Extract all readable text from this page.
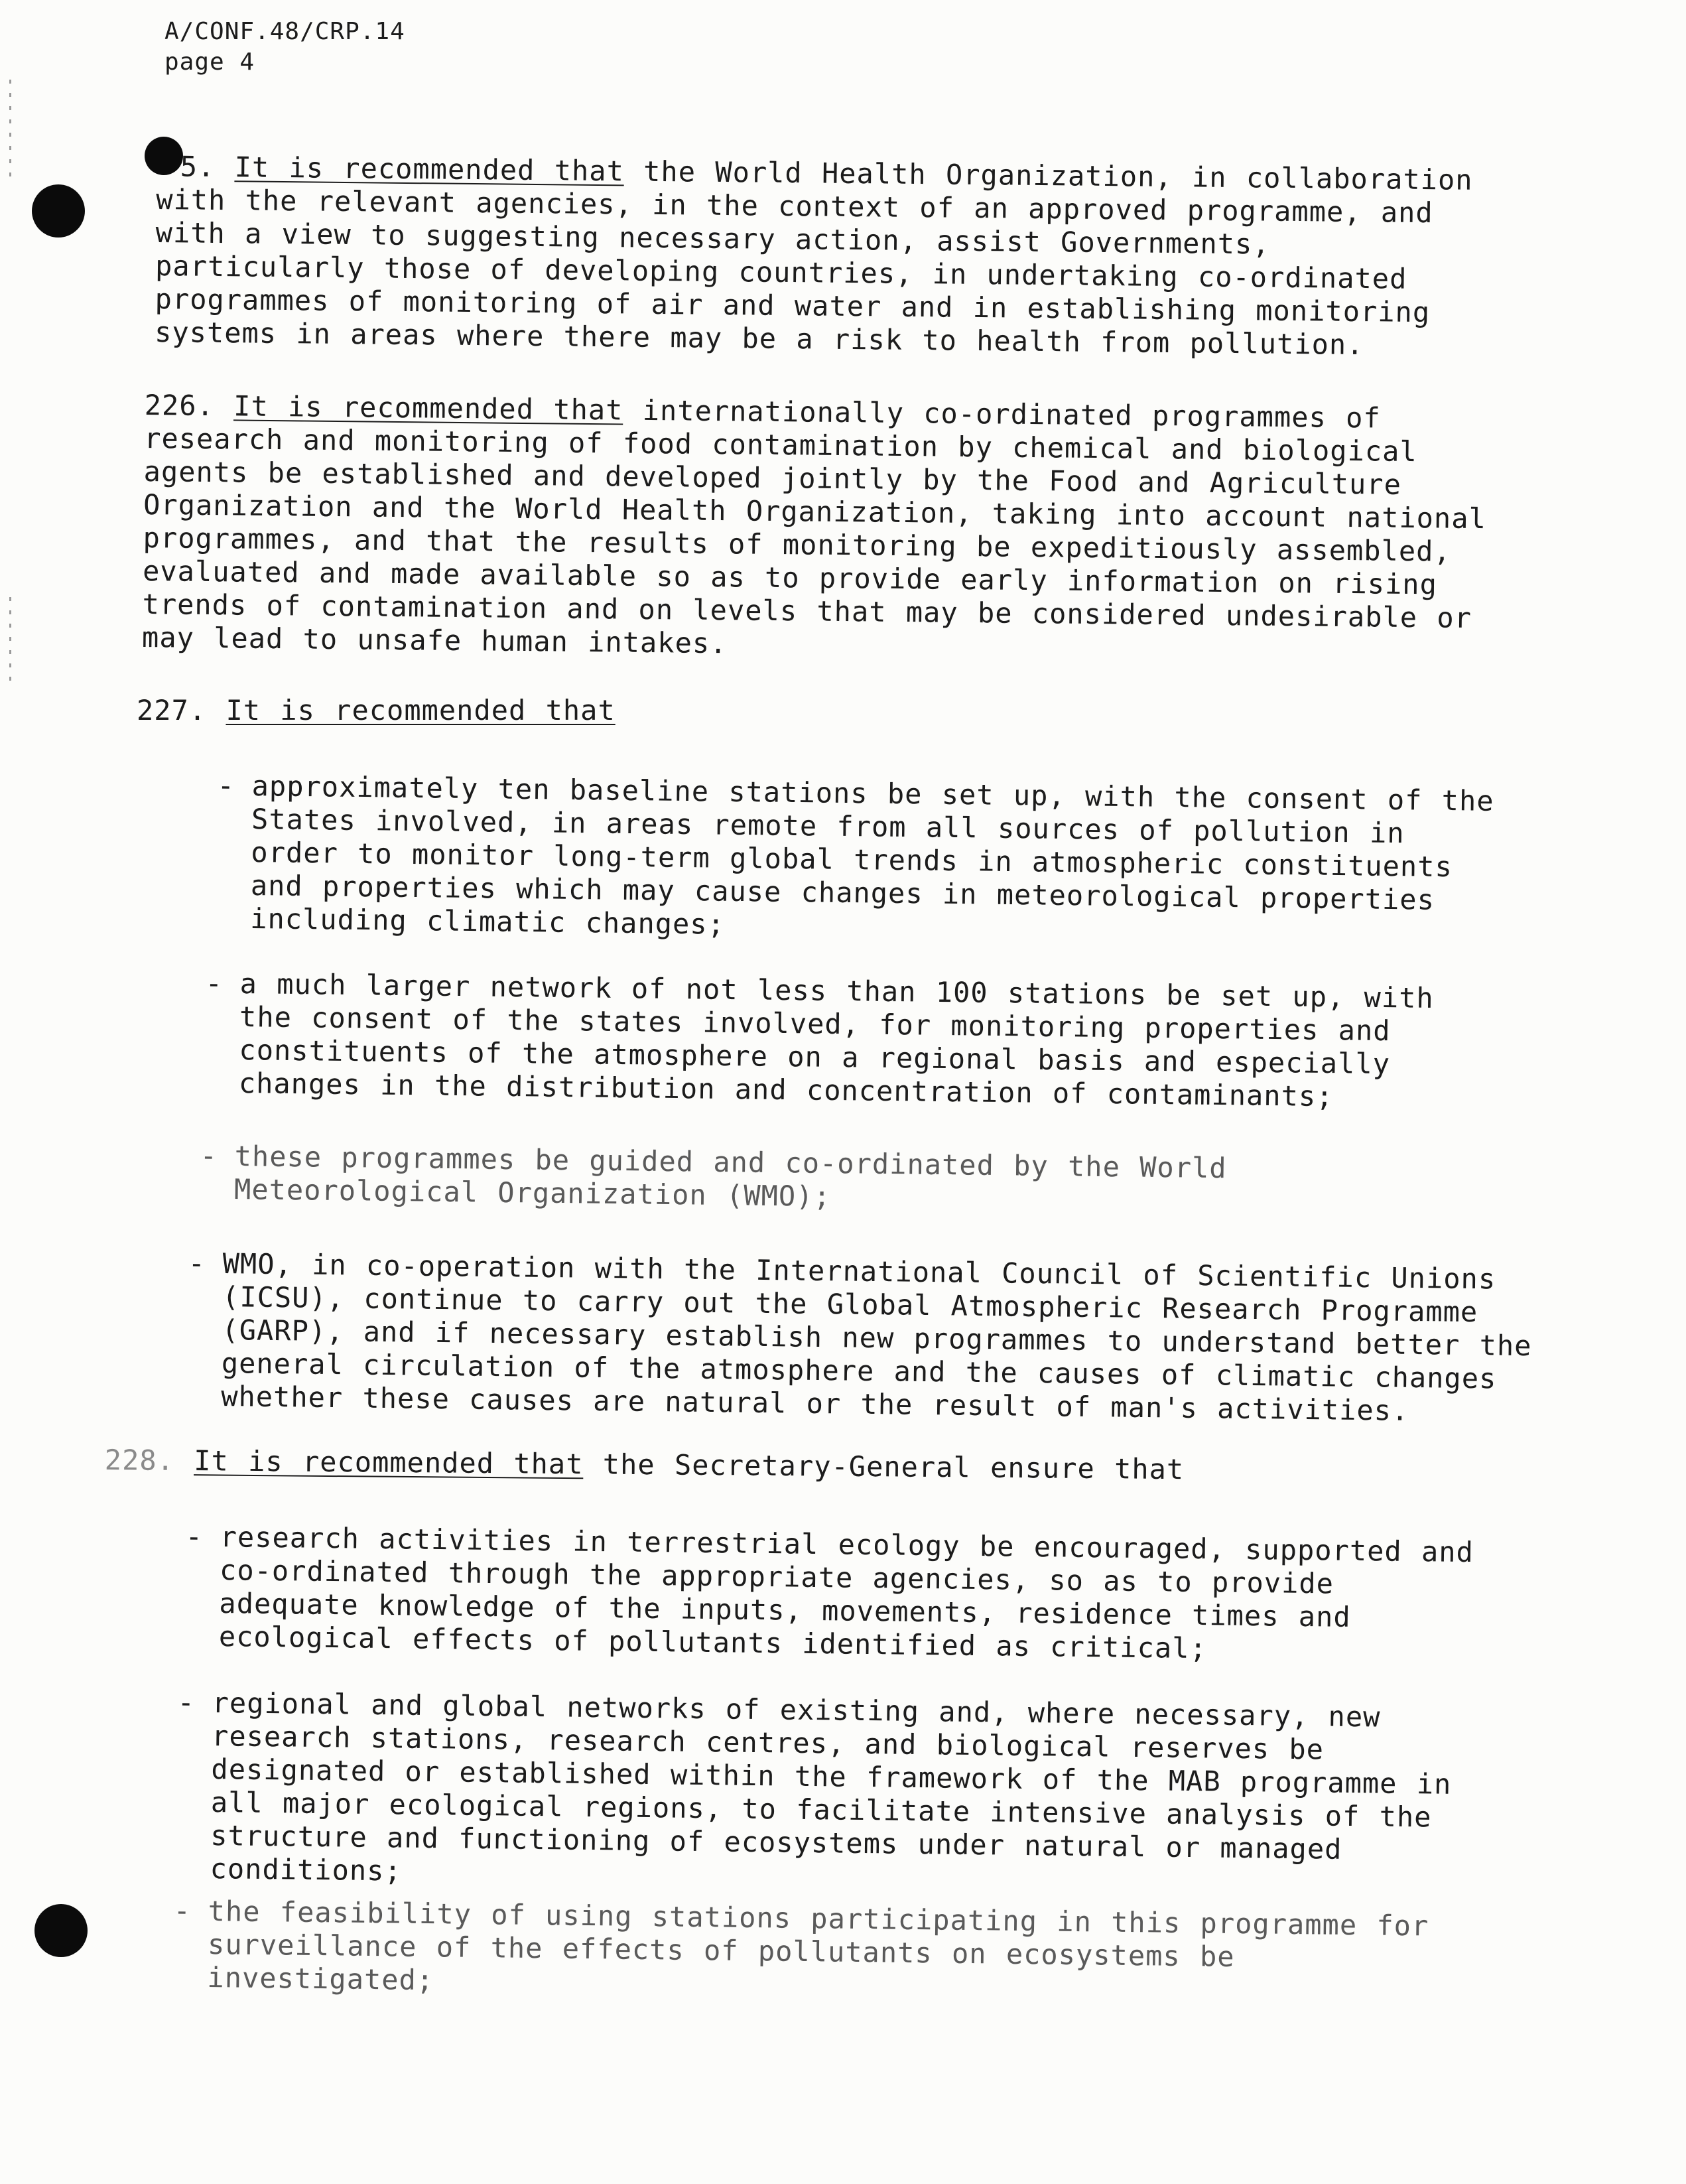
A/CONF.48/CRP.14
page 4
5. It is recommended that the World Health Organization, in collaboration with the relevant agencies, in the context of an approved programme, and with a view to suggesting necessary action, assist Governments, particularly those of developing countries, in undertaking co-ordinated programmes of monitoring of air and water and in establishing monitoring systems in areas where there may be a risk to health from pollution.
226. It is recommended that internationally co-ordinated programmes of research and monitoring of food contamination by chemical and biological agents be established and developed jointly by the Food and Agriculture Organization and the World Health Organization, taking into account national programmes, and that the results of monitoring be expeditiously assembled, evaluated and made available so as to provide early information on rising trends of contamination and on levels that may be considered undesirable or may lead to unsafe human intakes.
227. It is recommended that
- approximately ten baseline stations be set up, with the consent of the States involved, in areas remote from all sources of pollution in order to monitor long-term global trends in atmospheric constituents and properties which may cause changes in meteorological properties including climatic changes;
- a much larger network of not less than 100 stations be set up, with the consent of the states involved, for monitoring properties and constituents of the atmosphere on a regional basis and especially changes in the distribution and concentration of contaminants;
- these programmes be guided and co-ordinated by the World Meteorological Organization (WMO);
- WMO, in co-operation with the International Council of Scientific Unions (ICSU), continue to carry out the Global Atmospheric Research Programme (GARP), and if necessary establish new programmes to understand better the general circulation of the atmosphere and the causes of climatic changes whether these causes are natural or the result of man's activities.
228. It is recommended that the Secretary-General ensure that
- research activities in terrestrial ecology be encouraged, supported and co-ordinated through the appropriate agencies, so as to provide adequate knowledge of the inputs, movements, residence times and ecological effects of pollutants identified as critical;
- regional and global networks of existing and, where necessary, new research stations, research centres, and biological reserves be designated or established within the framework of the MAB programme in all major ecological regions, to facilitate intensive analysis of the structure and functioning of ecosystems under natural or managed conditions;
- the feasibility of using stations participating in this programme for surveillance of the effects of pollutants on ecosystems be investigated;
